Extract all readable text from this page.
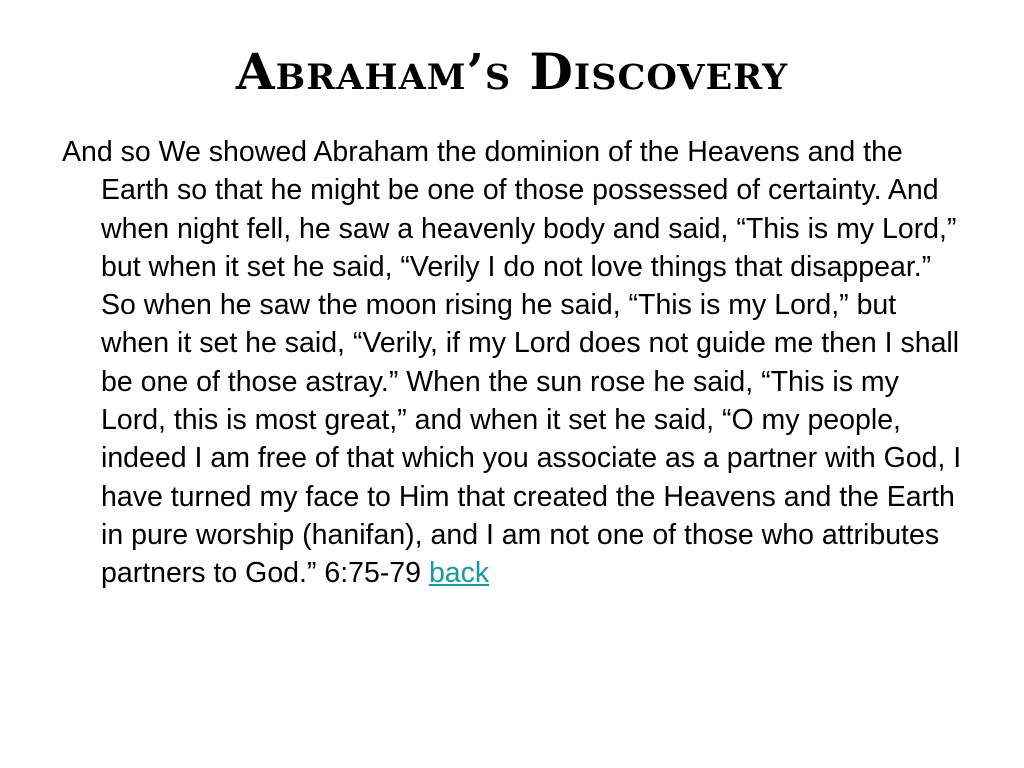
Abraham’s Discovery

And so We showed Abraham the dominion of the Heavens and the Earth so that he might be one of those possessed of certainty. And when night fell, he saw a heavenly body and said, “This is my Lord,” but when it set he said, “Verily I do not love things that disappear.” So when he saw the moon rising he said, “This is my Lord,” but when it set he said, “Verily, if my Lord does not guide me then I shall be one of those astray.” When the sun rose he said, “This is my Lord, this is most great,” and when it set he said, “O my people, indeed I am free of that which you associate as a partner with God, I have turned my face to Him that created the Heavens and the Earth in pure worship (hanifan), and I am not one of those who attributes partners to God.” 6:75-79 back
